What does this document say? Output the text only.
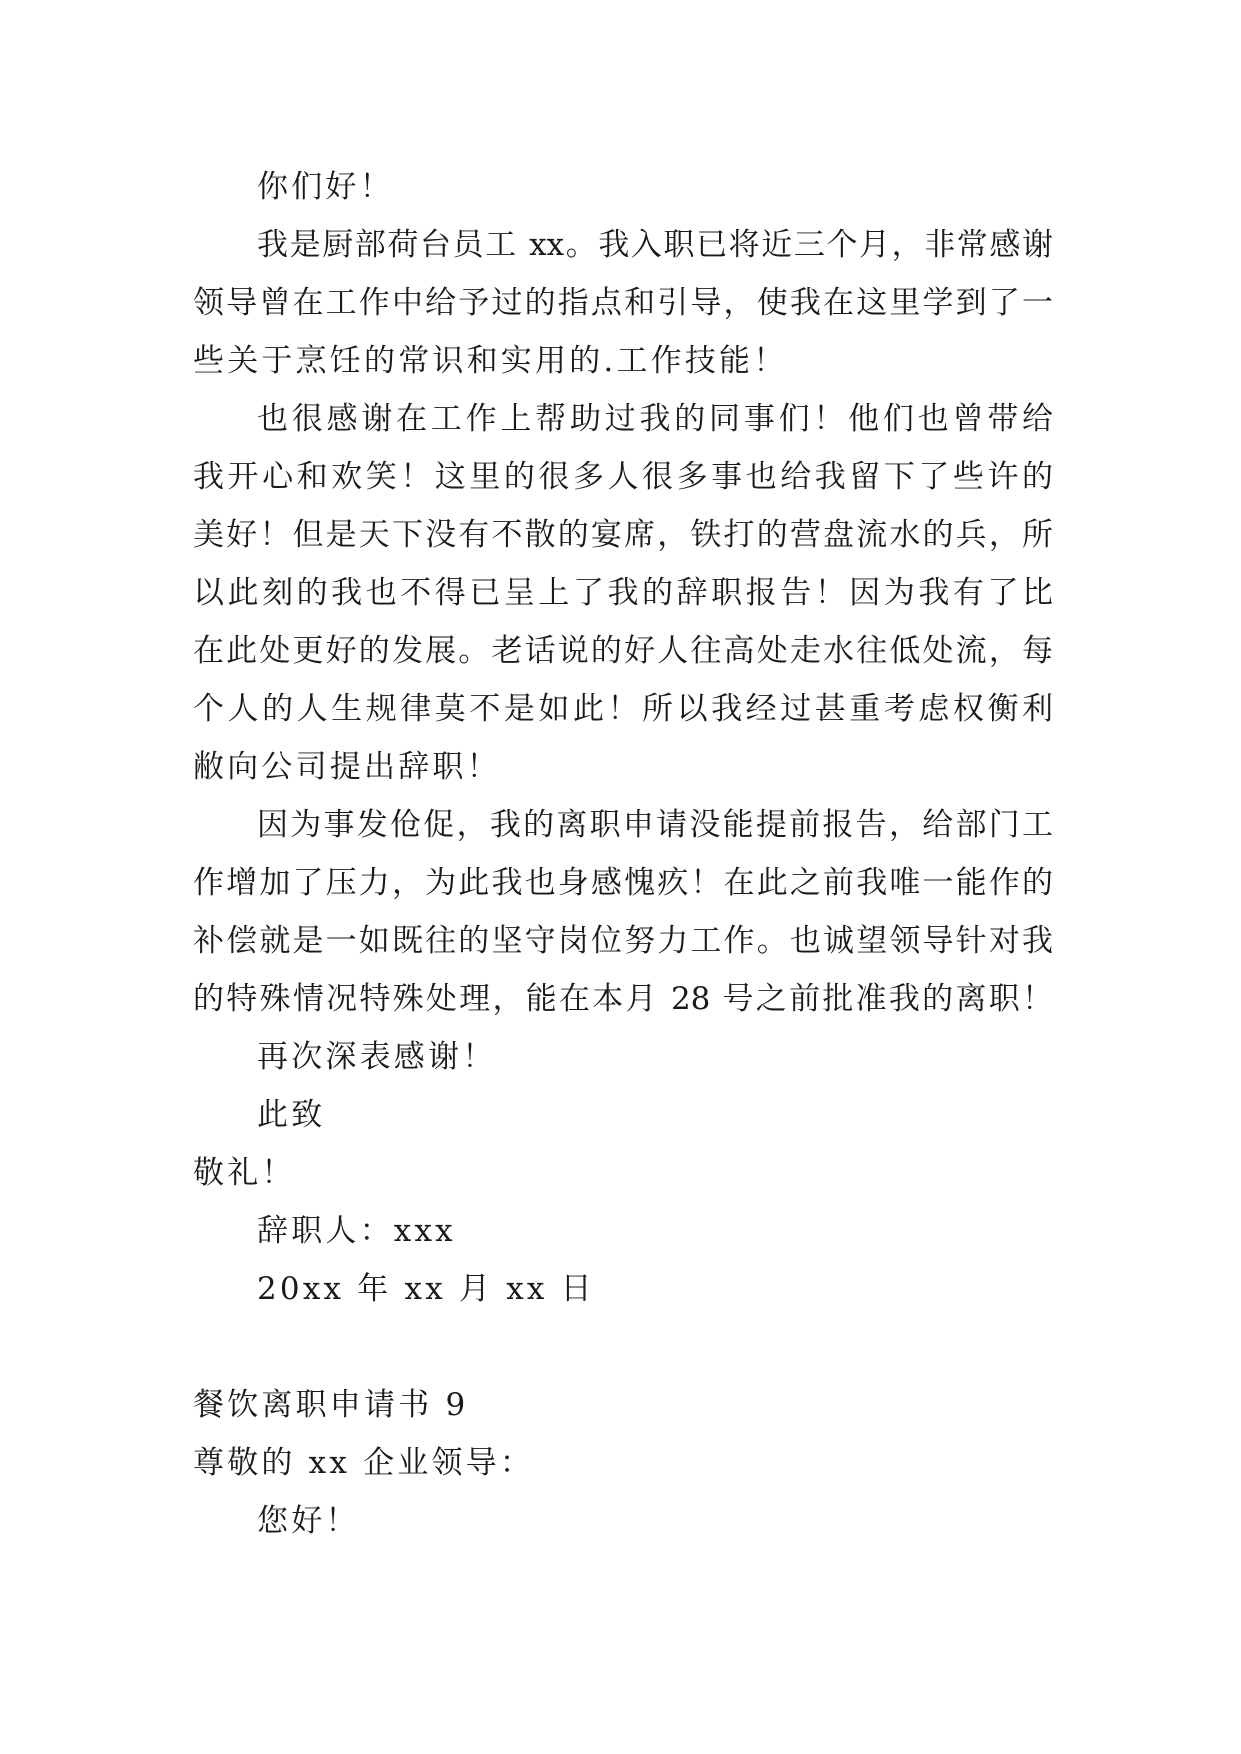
你们好！

我是厨部荷台员工 xx。我入职已将近三个月，非常感谢

领导曾在工作中给予过的指点和引导，使我在这里学到了一

些关于烹饪的常识和实用的.工作技能！

也很感谢在工作上帮助过我的同事们！他们也曾带给

我开心和欢笑！这里的很多人很多事也给我留下了些许的

美好！但是天下没有不散的宴席，铁打的营盘流水的兵，所

以此刻的我也不得已呈上了我的辞职报告！因为我有了比

在此处更好的发展。老话说的好人往高处走水往低处流，每

个人的人生规律莫不是如此！所以我经过甚重考虑权衡利

敝向公司提出辞职！

因为事发伧促，我的离职申请没能提前报告，给部门工

作增加了压力，为此我也身感愧疚！在此之前我唯一能作的

补偿就是一如既往的坚守岗位努力工作。也诚望领导针对我

的特殊情况特殊处理，能在本月 28 号之前批准我的离职！

再次深表感谢！

此致

敬礼！

辞职人：xxx

20xx 年 xx 月 xx 日

餐饮离职申请书 9

尊敬的 xx 企业领导：

您好！
